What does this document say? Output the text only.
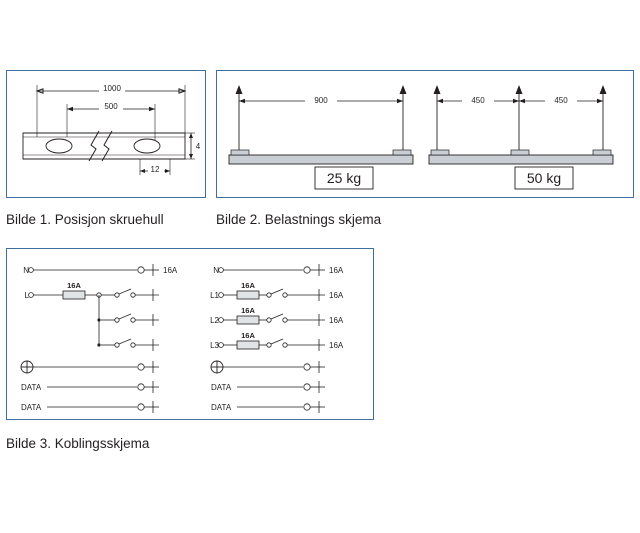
1000
500
12
4
Bilde 1. Posisjon skruehull
900
25 kg
450	450
50 kg
Bilde 2. Belastnings skjema
N	16A
L
16A
DATA
DATA
N	16A
L1
16A
16A
L2
16A
16A
L3
16A
16A
DATA
DATA
Bilde 3. Koblingsskjema
